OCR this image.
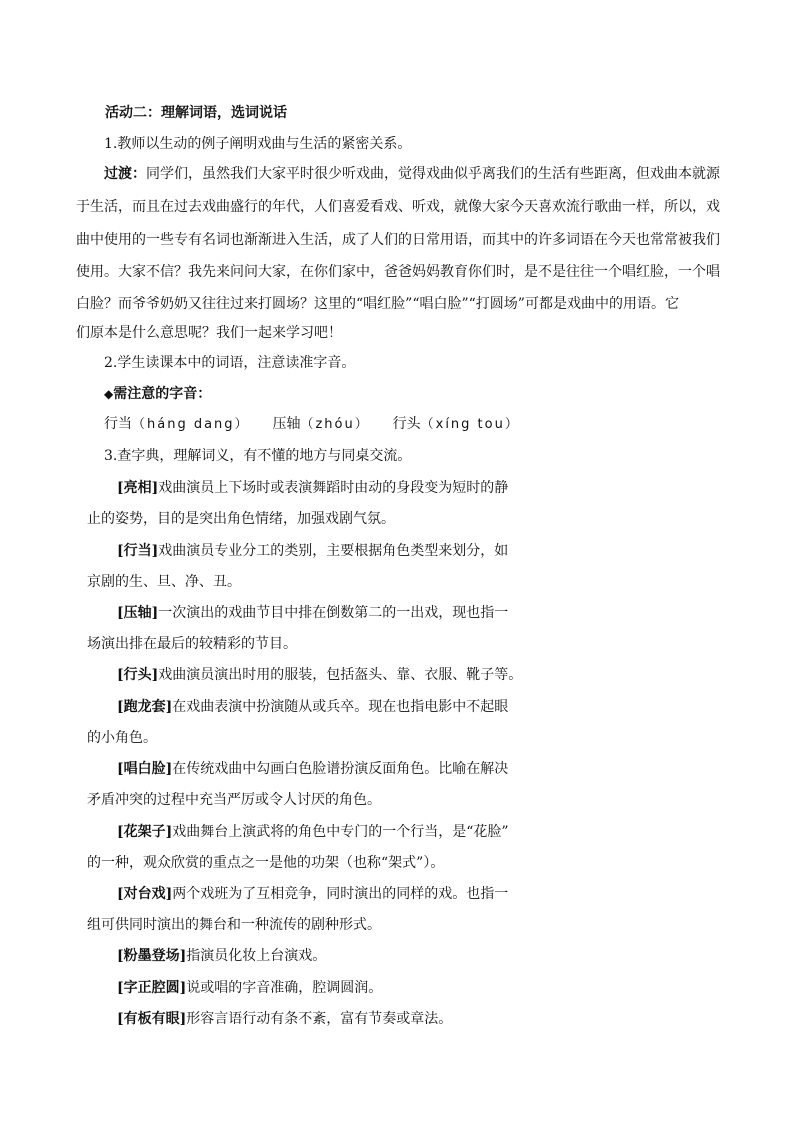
活动二：理解词语，选词说话
1.教师以生动的例子阐明戏曲与生活的紧密关系。
过渡：同学们，虽然我们大家平时很少听戏曲，觉得戏曲似乎离我们的生活有些距离，但戏曲本就源
于生活，而且在过去戏曲盛行的年代，人们喜爱看戏、听戏，就像大家今天喜欢流行歌曲一样，所以，戏
曲中使用的一些专有名词也渐渐进入生活，成了人们的日常用语，而其中的许多词语在今天也常常被我们
使用。大家不信？我先来问问大家，在你们家中，爸爸妈妈教育你们时，是不是往往一个唱红脸，一个唱
白脸？而爷爷奶奶又往往过来打圆场？这里的“唱红脸”“唱白脸”“打圆场”可都是戏曲中的用语。它
们原本是什么意思呢？我们一起来学习吧！
2.学生读课本中的词语，注意读准字音。
◆需注意的字音：
行当（háng dang） 压轴（zhóu） 行头（xíng tou）
3.查字典，理解词义，有不懂的地方与同桌交流。
[亮相]戏曲演员上下场时或表演舞蹈时由动的身段变为短时的静
止的姿势，目的是突出角色情绪，加强戏剧气氛。
[行当]戏曲演员专业分工的类别，主要根据角色类型来划分，如
京剧的生、旦、净、丑。
[压轴]一次演出的戏曲节目中排在倒数第二的一出戏，现也指一
场演出排在最后的较精彩的节目。
[行头]戏曲演员演出时用的服装，包括盔头、靠、衣服、靴子等。
[跑龙套]在戏曲表演中扮演随从或兵卒。现在也指电影中不起眼
的小角色。
[唱白脸]在传统戏曲中勾画白色脸谱扮演反面角色。比喻在解决
矛盾冲突的过程中充当严厉或令人讨厌的角色。
[花架子]戏曲舞台上演武将的角色中专门的一个行当，是“花脸”
的一种，观众欣赏的重点之一是他的功架（也称“架式”）。
[对台戏]两个戏班为了互相竞争，同时演出的同样的戏。也指一
组可供同时演出的舞台和一种流传的剧种形式。
[粉墨登场]指演员化妆上台演戏。
[字正腔圆]说或唱的字音准确，腔调圆润。
[有板有眼]形容言语行动有条不紊，富有节奏或章法。
